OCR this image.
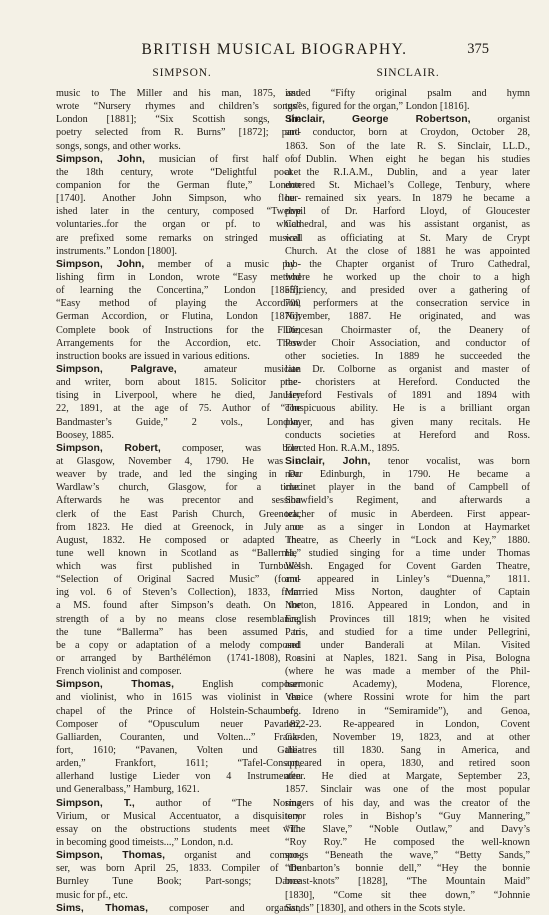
BRITISH MUSICAL BIOGRAPHY.	375
SIMPSON.	SINCLAIR.
music to The Miller and his man, 1875, and
wrote “Nursery rhymes and children’s songs”
London [1881]; “Six Scottish songs, the
poetry selected from R. Burns” [1872]; part-
songs, songs, and other works.
Simpson, John, musician of first half of
the 18th century, wrote “Delightful pocket
companion for the German flute,” London
[1740]. Another John Simpson, who flour-
ished later in the century, composed “Twelve
voluntaries..for the organ or pf. to which
are prefixed some remarks on stringed musical
instruments.” London [1800].
Simpson, John, member of a music pub-
lishing firm in London, wrote “Easy method
of learning the Concertina,” London [1855];
“Easy method of playing the Accordion,
German Accordion, or Flutina, London [1876];
Complete book of Instructions for the Flute;
Arrangements for the Accordion, etc. These
instruction books are issued in various editions.
Simpson, Palgrave, amateur musician
and writer, born about 1815. Solicitor prac-
tising in Liverpool, where he died, January
22, 1891, at the age of 75. Author of “The
Bandmaster’s Guide,” 2 vols., London,
Boosey, 1885.
Simpson, Robert, composer, was born
at Glasgow, November 4, 1790. He was a
weaver by trade, and led the singing in Dr.
Wardlaw’s church, Glasgow, for a time.
Afterwards he was precentor and session
clerk of the East Parish Church, Greenock,
from 1823. He died at Greenock, in July or
August, 1832. He composed or adapted the
tune well known in Scotland as “Ballerma,”
which was first published in Turnbull’s
“Selection of Original Sacred Music” (form-
ing vol. 6 of Steven’s Collection), 1833, from
a MS. found after Simpson’s death. On the
strength of a by no means close resemblance,
the tune “Ballerma” has been assumed to
be a copy or adaptation of a melody composed
or arranged by Barthélémon (1741-1808), a
French violinist and composer.
Simpson, Thomas, English composer
and violinist, who in 1615 was violinist in the
chapel of the Prince of Holstein-Schaumberg.
Composer of “Opusculum neuer Pavanen,
Galliarden, Couranten, und Volten...” Frank-
fort, 1610; “Pavanen, Volten und Galli-
arden,” Frankfort, 1611; “Tafel-Consort,
allerhand lustige Lieder von 4 Instrumenten
und Generalbass,” Hamburg, 1621.
Simpson, T., author of “The Norma
Virium, or Musical Accentuator, a disquisitory
essay on the obstructions students meet with
in becoming good timeists...,” London, n.d.
Simpson, Thomas, organist and compo-
ser, was born April 25, 1833. Compiler of the
Burnley Tune Book; Part-songs; Dance
music for pf., etc.
Sims, Thomas, composer and organist,
issued “Fifty original psalm and hymn
tunes, figured for the organ,” London [1816].
Sinclair, George Robertson, organist
and conductor, born at Croydon, October 28,
1863. Son of the late R. S. Sinclair, LL.D.,
of Dublin. When eight he began his studies
at the R.I.A.M., Dublin, and a year later
entered St. Michael’s College, Tenbury, where
he remained six years. In 1879 he became a
pupil of Dr. Harford Lloyd, of Gloucester
Cathedral, and was his assistant organist, as
well as officiating at St. Mary de Crypt
Church. At the close of 1881 he was appointed
by the Chapter organist of Truro Cathedral,
where he worked up the choir to a high
efficiency, and presided over a gathering of
700 performers at the consecration service in
November, 1887. He originated, and was
Diocesan Choirmaster of, the Deanery of
Powder Choir Association, and conductor of
other societies. In 1889 he succeeded the
late Dr. Colborne as organist and master of
the choristers at Hereford. Conducted the
Hereford Festivals of 1891 and 1894 with
conspicuous ability. He is a brilliant organ
player, and has given many recitals. He
conducts societies at Hereford and Ross.
Elected Hon. R.A.M., 1895.
Sinclair, John, tenor vocalist, was born
near Edinburgh, in 1790. He became a
clarinet player in the band of Campbell of
Shawfield’s Regiment, and afterwards a
teacher of music in Aberdeen. First appear-
ance as a singer in London at Haymarket
Theatre, as Cheerly in “Lock and Key,” 1880.
He studied singing for a time under Thomas
Welsh. Engaged for Covent Garden Theatre,
and appeared in Linley’s “Duenna,” 1811.
Married Miss Norton, daughter of Captain
Norton, 1816. Appeared in London, and in
English Provinces till 1819; when he visited
Paris, and studied for a time under Pellegrini,
and under Banderali at Milan. Visited
Rossini at Naples, 1821. Sang in Pisa, Bologna
(where he was made a member of the Phil-
harmonic Academy), Modena, Florence,
Venice (where Rossini wrote for him the part
of Idreno in “Semiramide”), and Genoa,
1822-23. Re-appeared in London, Covent
Garden, November 19, 1823, and at other
theatres till 1830. Sang in America, and
appeared in opera, 1830, and retired soon
after. He died at Margate, September 23,
1857. Sinclair was one of the most popular
singers of his day, and was the creator of the
tenor roles in Bishop’s “Guy Mannering,”
“The Slave,” “Noble Outlaw,” and Davy’s
“Roy Roy.” He composed the well-known
songs “Beneath the wave,” “Betty Sands,”
“Dunbarton’s bonnie dell,” “Hey the bonnie
breast-knots” [1828], “The Mountain Maid”
[1830], “Come sit thee down,” “Johnnie
Sands” [1830], and others in the Scots style.
